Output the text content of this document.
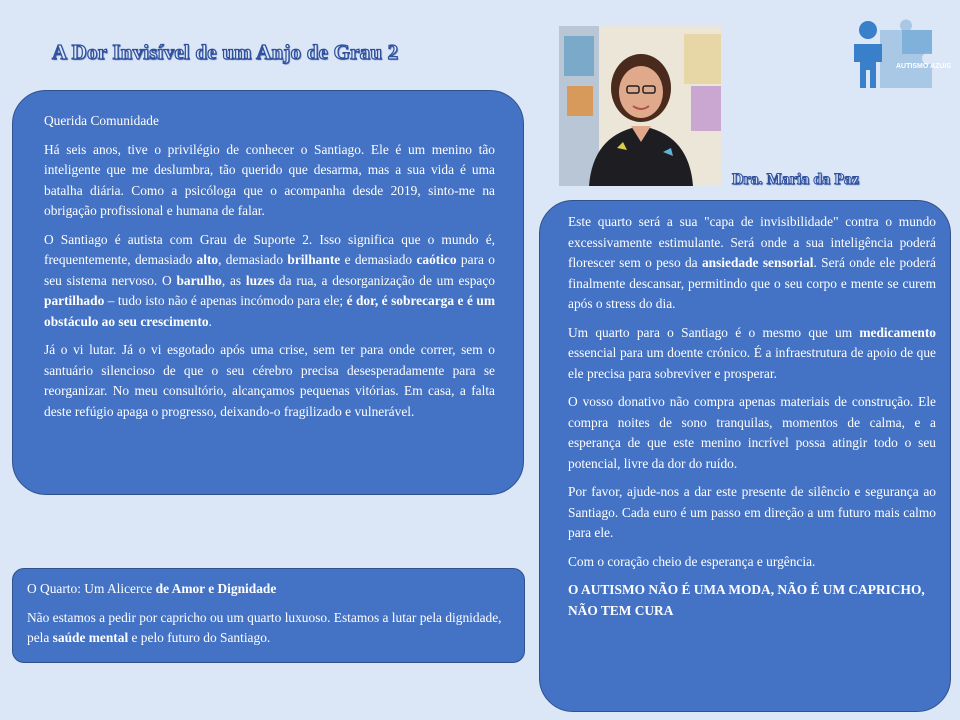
A Dor Invisível de um Anjo de Grau 2

Querida Comunidade

Há seis anos, tive o privilégio de conhecer o Santiago. Ele é um menino tão inteligente que me deslumbra, tão querido que desarma, mas a sua vida é uma batalha diária. Como a psicóloga que o acompanha desde 2019, sinto-me na obrigação profissional e humana de falar.

O Santiago é autista com Grau de Suporte 2. Isso significa que o mundo é, frequentemente, demasiado alto, demasiado brilhante e demasiado caótico para o seu sistema nervoso. O barulho, as luzes da rua, a desorganização de um espaço partilhado – tudo isto não é apenas incómodo para ele; é dor, é sobrecarga e é um obstáculo ao seu crescimento.

Já o vi lutar. Já o vi esgotado após uma crise, sem ter para onde correr, sem o santuário silencioso de que o seu cérebro precisa desesperadamente para se reorganizar. No meu consultório, alcançamos pequenas vitórias. Em casa, a falta deste refúgio apaga o progresso, deixando-o fragilizado e vulnerável.

O Quarto: Um Alicerce de Amor e Dignidade

Não estamos a pedir por capricho ou um quarto luxuoso. Estamos a lutar pela dignidade, pela saúde mental e pelo futuro do Santiago.

Dra. Maria da Paz
AUTISMO AZUIS

Este quarto será a sua "capa de invisibilidade" contra o mundo excessivamente estimulante. Será onde a sua inteligência poderá florescer sem o peso da ansiedade sensorial. Será onde ele poderá finalmente descansar, permitindo que o seu corpo e mente se curem após o stress do dia.

Um quarto para o Santiago é o mesmo que um medicamento essencial para um doente crónico. É a infraestrutura de apoio de que ele precisa para sobreviver e prosperar.

O vosso donativo não compra apenas materiais de construção. Ele compra noites de sono tranquilas, momentos de calma, e a esperança de que este menino incrível possa atingir todo o seu potencial, livre da dor do ruído.

Por favor, ajude-nos a dar este presente de silêncio e segurança ao Santiago. Cada euro é um passo em direção a um futuro mais calmo para ele.

Com o coração cheio de esperança e urgência.

O AUTISMO NÃO É UMA MODA, NÃO É UM CAPRICHO, NÃO TEM CURA
